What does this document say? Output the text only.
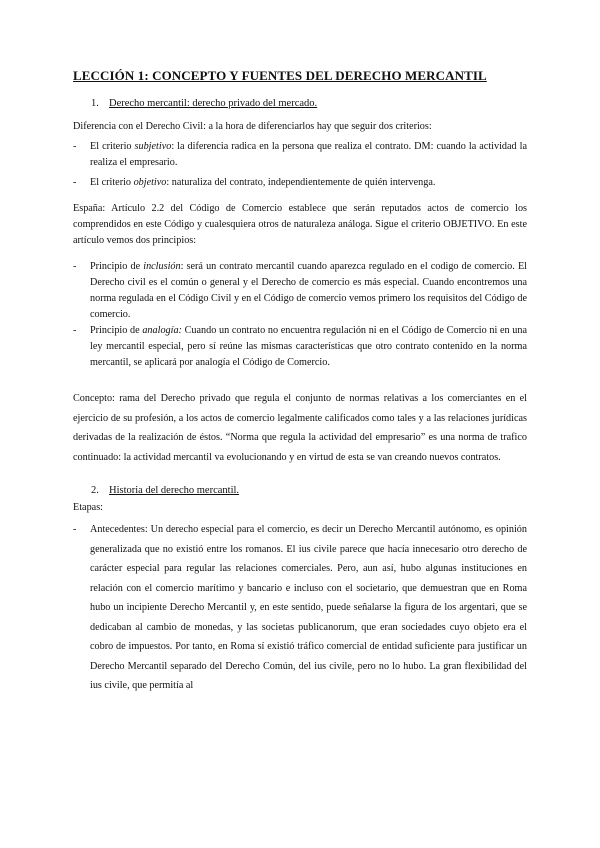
LECCIÓN 1: CONCEPTO Y FUENTES DEL DERECHO MERCANTIL
1. Derecho mercantil: derecho privado del mercado.

Diferencia con el Derecho Civil: a la hora de diferenciarlos hay que seguir dos criterios:

- El criterio subjetivo: la diferencia radica en la persona que realiza el contrato. DM: cuando la actividad la realiza el empresario.
- El criterio objetivo: naturaliza del contrato, independientemente de quién intervenga.

España: Artículo 2.2 del Código de Comercio establece que serán reputados actos de comercio los comprendidos en este Código y cualesquiera otros de naturaleza análoga. Sigue el criterio OBJETIVO. En este artículo vemos dos principios:

- Principio de inclusión: será un contrato mercantil cuando aparezca regulado en el codigo de comercio. El Derecho civil es el común o general y el Derecho de comercio es más especial. Cuando encontremos una norma regulada en el Código Civil y en el Código de comercio vemos primero los requisitos del Código de comercio.
- Principio de analogía: Cuando un contrato no encuentra regulación ni en el Código de Comercio ni en una ley mercantil especial, pero sí reúne las mismas características que otro contrato contenido en la norma mercantil, se aplicará por analogía el Código de Comercio.

Concepto: rama del Derecho privado que regula el conjunto de normas relativas a los comerciantes en el ejercicio de su profesión, a los actos de comercio legalmente calificados como tales y a las relaciones jurídicas derivadas de la realización de éstos. “Norma que regula la actividad del empresario” es una norma de trafico continuado: la actividad mercantil va evolucionando y en virtud de esta se van creando nuevos contratos.

2. Historia del derecho mercantil.

Etapas:

- Antecedentes: Un derecho especial para el comercio, es decir un Derecho Mercantil autónomo, es opinión generalizada que no existió entre los romanos. El ius civile parece que hacía innecesario otro derecho de carácter especial para regular las relaciones comerciales. Pero, aun así, hubo algunas instituciones en relación con el comercio marítimo y bancario e incluso con el societario, que demuestran que en Roma hubo un incipiente Derecho Mercantil y, en este sentido, puede señalarse la figura de los argentari, que se dedicaban al cambio de monedas, y las societas publicanorum, que eran sociedades cuyo objeto era el cobro de impuestos. Por tanto, en Roma sí existió tráfico comercial de entidad suficiente para justificar un Derecho Mercantil separado del Derecho Común, del ius civile, pero no lo hubo. La gran flexibilidad del ius civile, que permitía al
